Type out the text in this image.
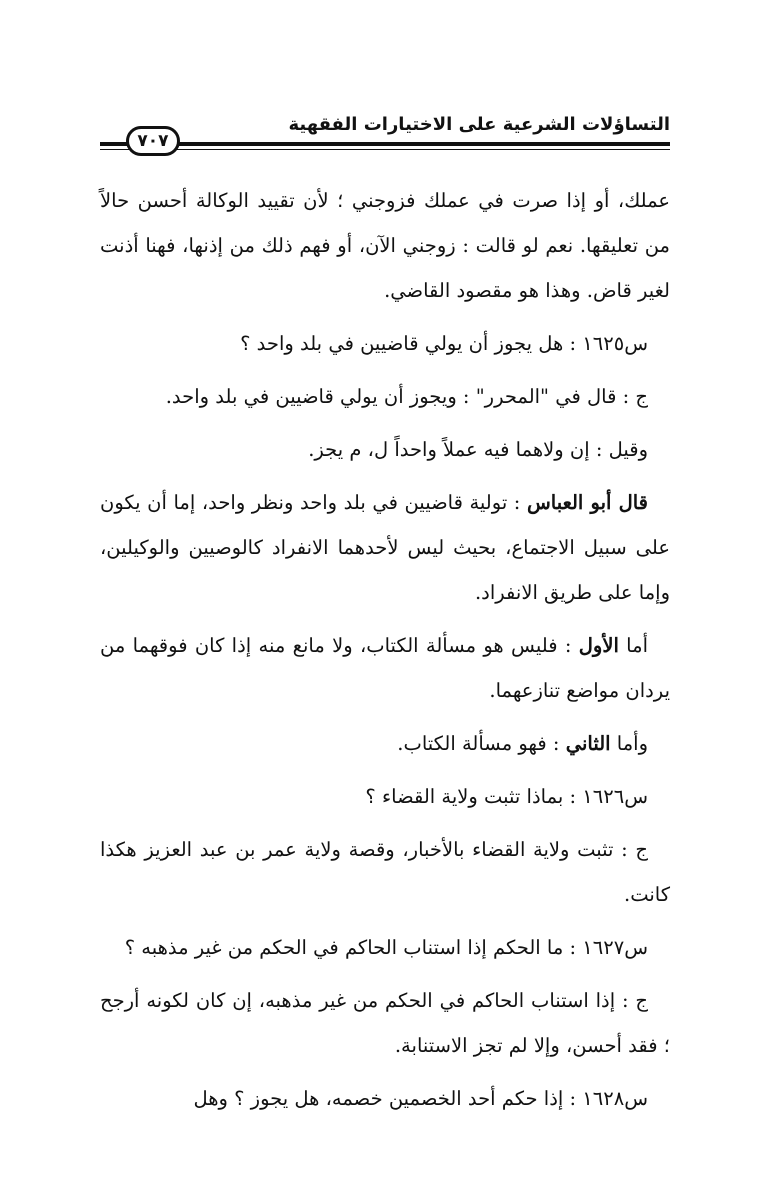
التساؤلات الشرعية على الاختيارات الفقهية
٧٠٧

عملك، أو إذا صرت في عملك فزوجني ؛ لأن تقييد الوكالة أحسن حالاً من تعليقها. نعم لو قالت : زوجني الآن، أو فهم ذلك من إذنها، فهنا أذنت لغير قاض. وهذا هو مقصود القاضي.

س١٦٢٥ : هل يجوز أن يولي قاضيين في بلد واحد ؟

ج : قال في "المحرر" : ويجوز أن يولي قاضيين في بلد واحد.

وقيل : إن ولاهما فيه عملاً واحداً ل، م يجز.

قال أبو العباس : تولية قاضيين في بلد واحد ونظر واحد، إما أن يكون على سبيل الاجتماع، بحيث ليس لأحدهما الانفراد كالوصيين والوكيلين، وإما على طريق الانفراد.

أما الأول : فليس هو مسألة الكتاب، ولا مانع منه إذا كان فوقهما من يردان مواضع تنازعهما.

وأما الثاني : فهو مسألة الكتاب.

س١٦٢٦ : بماذا تثبت ولاية القضاء ؟

ج : تثبت ولاية القضاء بالأخبار، وقصة ولاية عمر بن عبد العزيز هكذا كانت.

س١٦٢٧ : ما الحكم إذا استناب الحاكم في الحكم من غير مذهبه ؟

ج : إذا استناب الحاكم في الحكم من غير مذهبه، إن كان لكونه أرجح ؛ فقد أحسن، وإلا لم تجز الاستنابة.

س١٦٢٨ : إذا حكم أحد الخصمين خصمه، هل يجوز ؟ وهل
